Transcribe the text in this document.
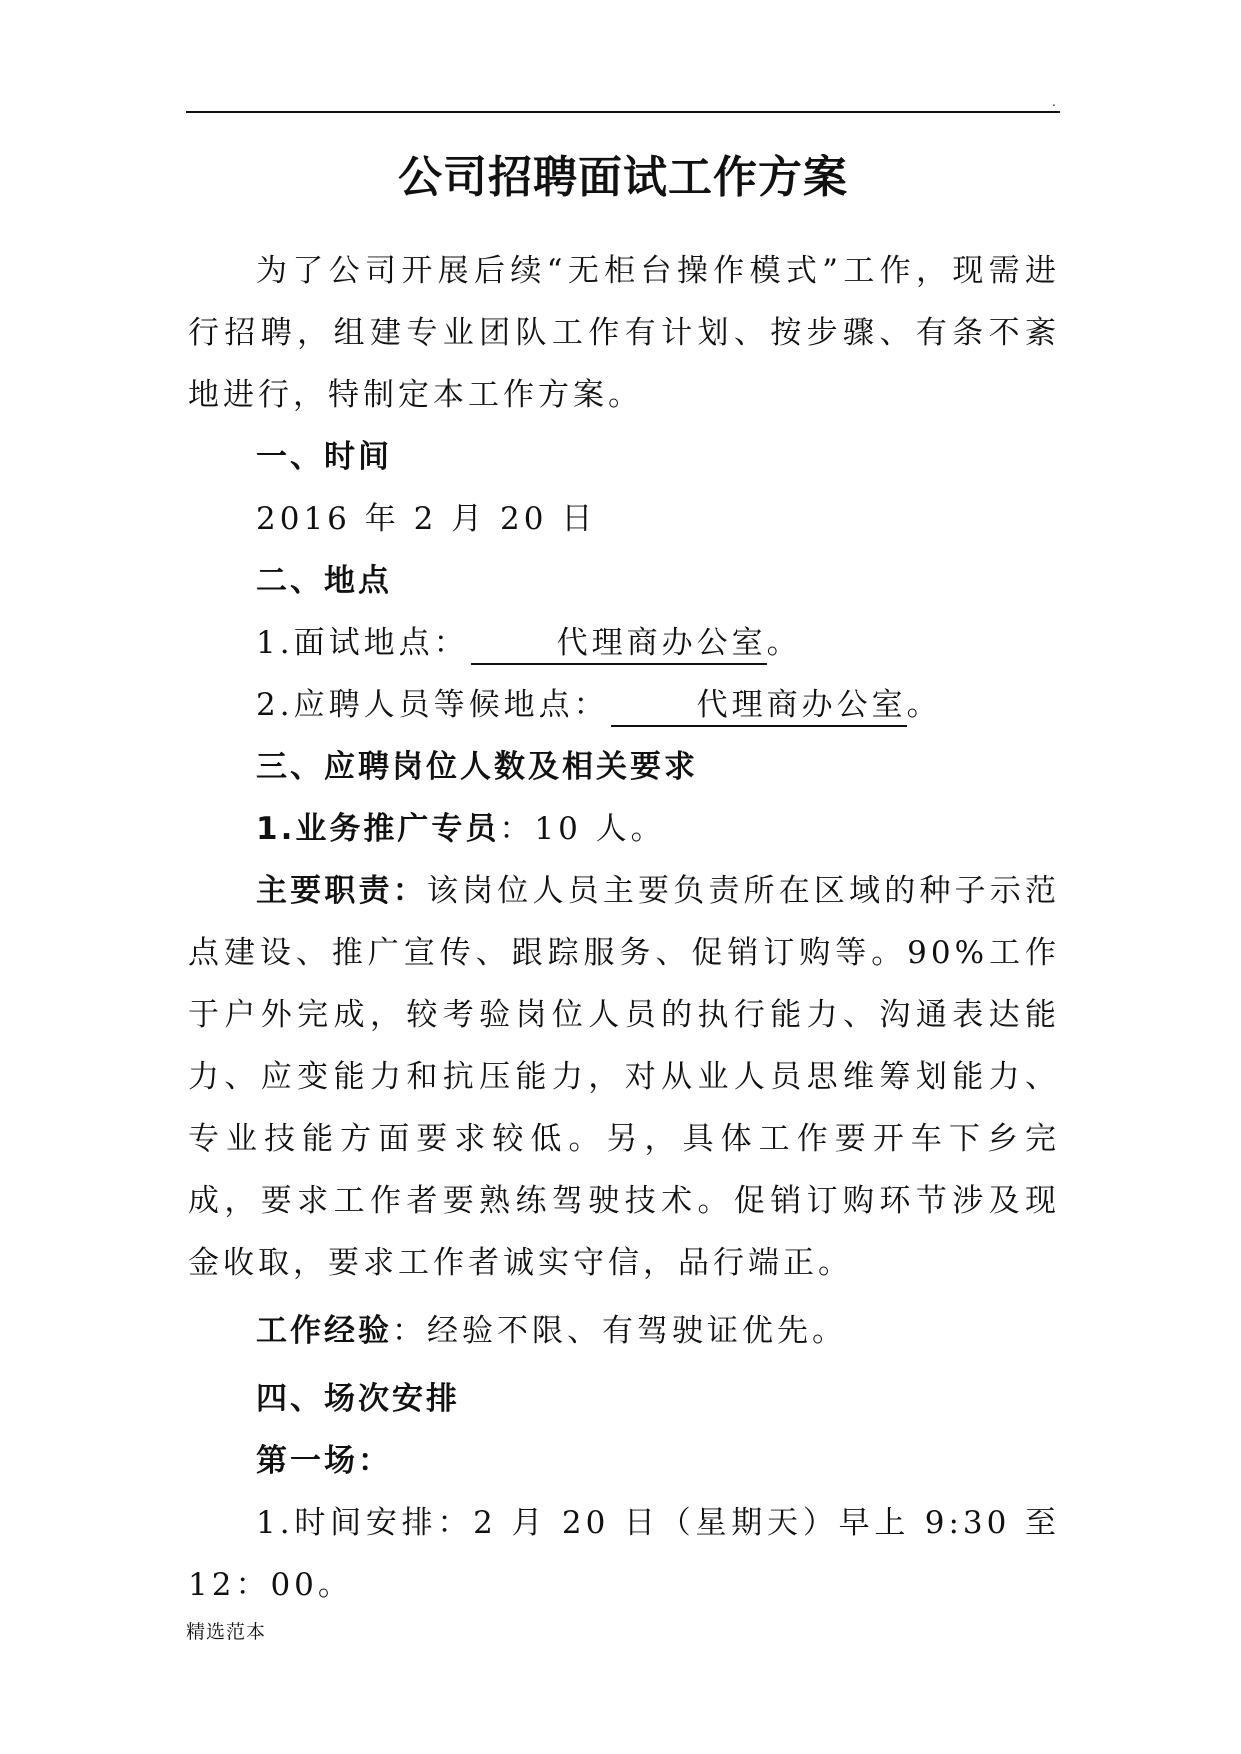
.
公司招聘面试工作方案

为了公司开展后续“无柜台操作模式”工作，现需进行招聘，组建专业团队工作有计划、按步骤、有条不紊地进行，特制定本工作方案。

一、时间

2016 年 2 月 20 日

二、地点

1.面试地点：	代理商办公室。

2.应聘人员等候地点：	代理商办公室。

三、应聘岗位人数及相关要求

1.业务推广专员：10 人。

主要职责：该岗位人员主要负责所在区域的种子示范点建设、推广宣传、跟踪服务、促销订购等。90%工作于户外完成，较考验岗位人员的执行能力、沟通表达能力、应变能力和抗压能力，对从业人员思维筹划能力、专业技能方面要求较低。另，具体工作要开车下乡完成，要求工作者要熟练驾驶技术。促销订购环节涉及现金收取，要求工作者诚实守信，品行端正。

工作经验：经验不限、有驾驶证优先。

四、场次安排

第一场：

1.时间安排：2 月 20 日（星期天）早上 9:30 至 12：00。

精选范本
